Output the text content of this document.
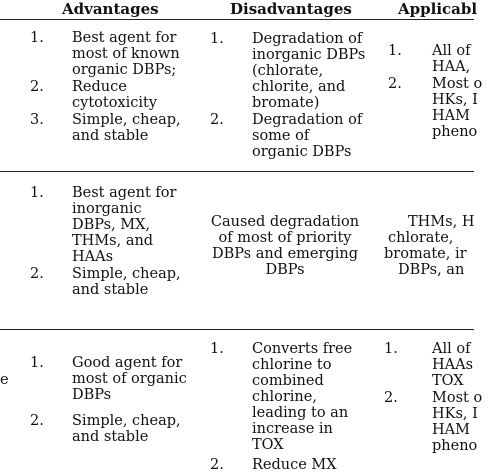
Advantages	Disadvantages	Applicabl
1. Best agent for
most of known
organic DBPs;
2. Reduce
cytotoxicity
3. Simple, cheap,
and stable
1. Degradation of
inorganic DBPs
(chlorate,
chlorite, and
bromate)
2. Degradation of
some of
organic DBPs
1. All of
HAA,
2. Most o
HKs, I
HAM
pheno
1. Best agent for
inorganic
DBPs, MX,
THMs, and
HAAs
2. Simple, cheap,
and stable
Caused degradation
of most of priority
DBPs and emerging
DBPs
THMs, H
chlorate,
bromate, ir
DBPs, an
e
1. Good agent for
most of organic
DBPs
2. Simple, cheap,
and stable
1. Converts free
chlorine to
combined
chlorine,
leading to an
increase in
TOX
2. Reduce MX
1. All of
HAAs
TOX
2. Most o
HKs, I
HAM
pheno
